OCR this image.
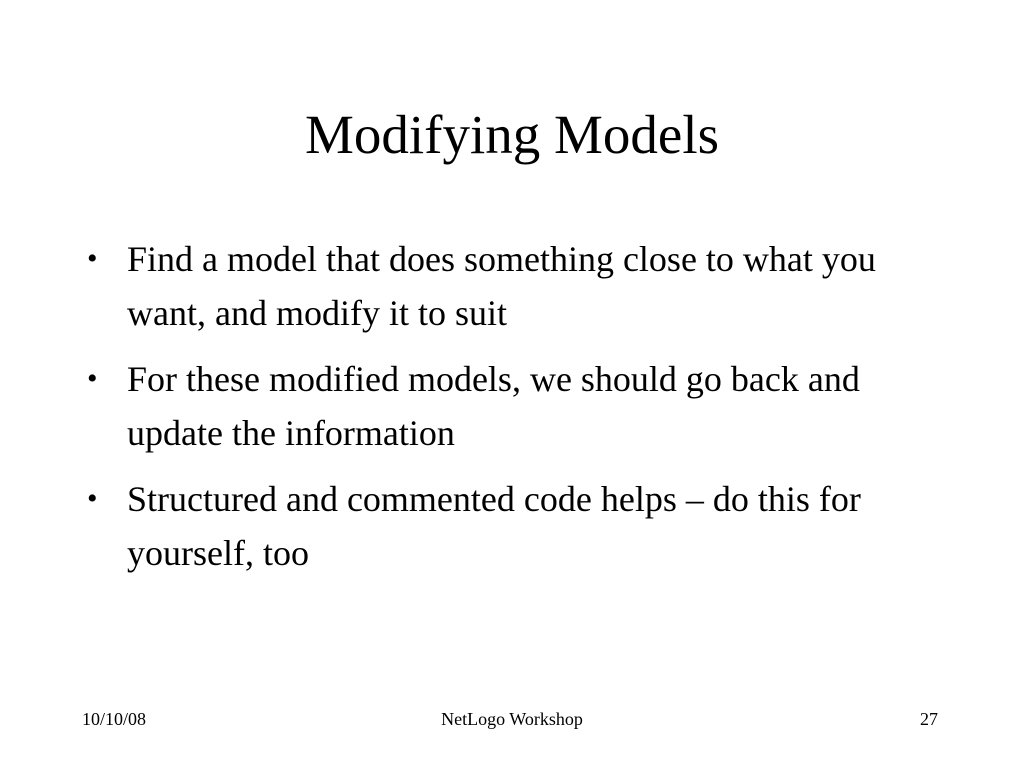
Modifying Models
• Find a model that does something close to what you want, and modify it to suit
• For these modified models, we should go back and update the information
• Structured and commented code helps – do this for yourself, too
10/10/08	NetLogo Workshop	27
